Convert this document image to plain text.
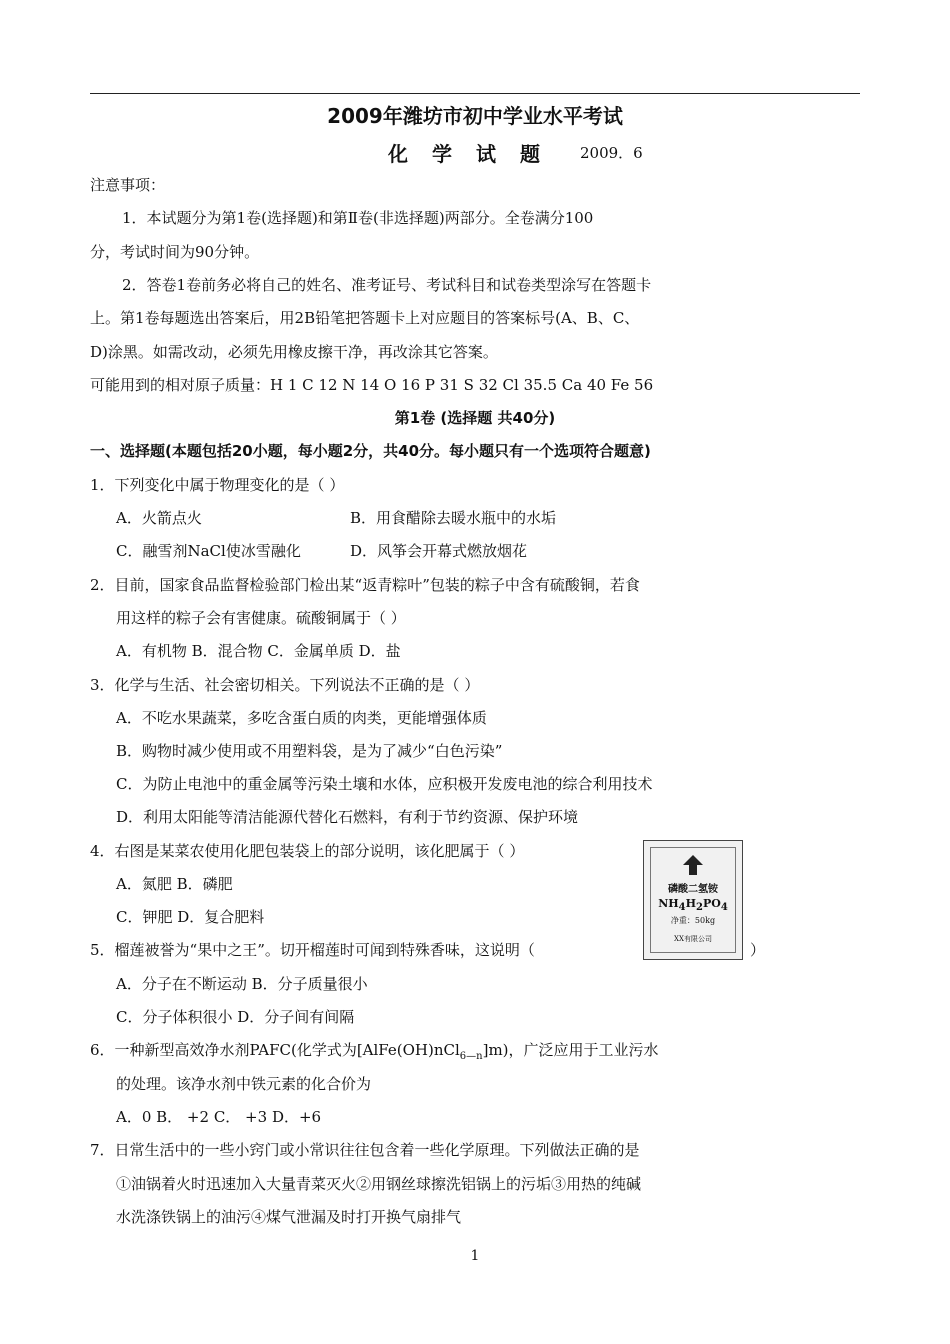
2009年潍坊市初中学业水平考试
化 学 试 题	2009．6
注意事项：
1．本试题分为第1卷(选择题)和第Ⅱ卷(非选择题)两部分。全卷满分100
分，考试时间为90分钟。
2．答卷1卷前务必将自己的姓名、准考证号、考试科目和试卷类型涂写在答题卡
上。第1卷每题选出答案后，用2B铅笔把答题卡上对应题目的答案标号(A、B、C、
D)涂黑。如需改动，必须先用橡皮擦干净，再改涂其它答案。
可能用到的相对原子质量：H 1 C 12 N 14 O 16 P 31 S 32 Cl 35.5 Ca 40 Fe 56
第1卷 (选择题 共40分)
一、选择题(本题包括20小题，每小题2分，共40分。每小题只有一个选项符合题意)
1．下列变化中属于物理变化的是（ ）
A．火箭点火	B．用食醋除去暖水瓶中的水垢
C．融雪剂NaCl使冰雪融化	D．风筝会开幕式燃放烟花
2．目前，国家食品监督检验部门检出某“返青粽叶”包装的粽子中含有硫酸铜，若食
用这样的粽子会有害健康。硫酸铜属于（ ）
A．有机物 B．混合物 C．金属单质 D．盐
3．化学与生活、社会密切相关。下列说法不正确的是（ ）
A．不吃水果蔬菜，多吃含蛋白质的肉类，更能增强体质
B．购物时减少使用或不用塑料袋，是为了减少“白色污染”
C．为防止电池中的重金属等污染土壤和水体，应积极开发废电池的综合利用技术
D．利用太阳能等清洁能源代替化石燃料，有利于节约资源、保护环境
4．右图是某菜农使用化肥包装袋上的部分说明，该化肥属于（ ）
A．氮肥 B．磷肥
C．钾肥 D．复合肥料
磷酸二氢铵
$NH_4H_2PO_4$
净重：50kg
XX有限公司
5．榴莲被誉为“果中之王”。切开榴莲时可闻到特殊香味，这说明（	）
A．分子在不断运动 B．分子质量很小
C．分子体积很小 D．分子间有间隔
6．一种新型高效净水剂PAFC(化学式为[AlFe(OH)nCl$_{6—n}$]m)，广泛应用于工业污水
的处理。该净水剂中铁元素的化合价为
A．0 B． +2 C． +3 D．+6
7．日常生活中的一些小窍门或小常识往往包含着一些化学原理。下列做法正确的是
①油锅着火时迅速加入大量青菜灭火②用钢丝球擦洗铝锅上的污垢③用热的纯碱
水洗涤铁锅上的油污④煤气泄漏及时打开换气扇排气
1
